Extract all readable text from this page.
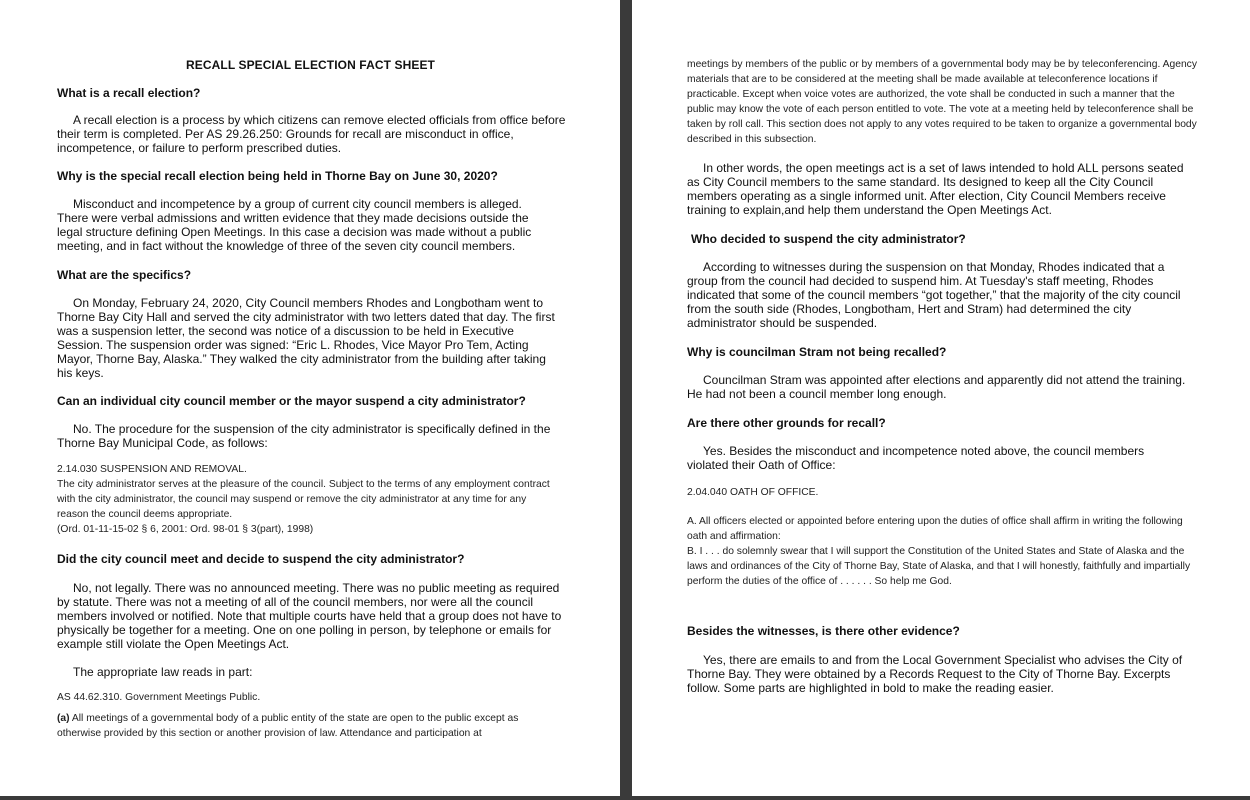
RECALL SPECIAL ELECTION FACT SHEET
What is a recall election?

A recall election is a process by which citizens can remove elected officials from office before their term is completed. Per AS 29.26.250: Grounds for recall are misconduct in office, incompetence, or failure to perform prescribed duties.

Why is the special recall election being held in Thorne Bay on June 30, 2020?

Misconduct and incompetence by a group of current city council members is alleged. There were verbal admissions and written evidence that they made decisions outside the legal structure defining Open Meetings. In this case a decision was made without a public meeting, and in fact without the knowledge of three of the seven city council members.

What are the specifics?

On Monday, February 24, 2020, City Council members Rhodes and Longbotham went to Thorne Bay City Hall and served the city administrator with two letters dated that day. The first was a suspension letter, the second was notice of a discussion to be held in Executive Session. The suspension order was signed: “Eric L. Rhodes, Vice Mayor Pro Tem, Acting Mayor, Thorne Bay, Alaska.” They walked the city administrator from the building after taking his keys.

Can an individual city council member or the mayor suspend a city administrator?

No. The procedure for the suspension of the city administrator is specifically defined in the Thorne Bay Municipal Code, as follows:

2.14.030 SUSPENSION AND REMOVAL.
The city administrator serves at the pleasure of the council. Subject to the terms of any employment contract with the city administrator, the council may suspend or remove the city administrator at any time for any reason the council deems appropriate.
(Ord. 01-11-15-02 § 6, 2001: Ord. 98-01 § 3(part), 1998)
Did the city council meet and decide to suspend the city administrator?

No, not legally. There was no announced meeting. There was no public meeting as required by statute. There was not a meeting of all of the council members, nor were all the council members involved or notified. Note that multiple courts have held that a group does not have to physically be together for a meeting. One on one polling in person, by telephone or emails for example still violate the Open Meetings Act.

The appropriate law reads in part:

AS 44.62.310. Government Meetings Public.
(a) All meetings of a governmental body of a public entity of the state are open to the public except as otherwise provided by this section or another provision of law. Attendance and participation at
meetings by members of the public or by members of a governmental body may be by teleconferencing. Agency materials that are to be considered at the meeting shall be made available at teleconference locations if practicable. Except when voice votes are authorized, the vote shall be conducted in such a manner that the public may know the vote of each person entitled to vote. The vote at a meeting held by teleconference shall be taken by roll call. This section does not apply to any votes required to be taken to organize a governmental body described in this subsection.

In other words, the open meetings act is a set of laws intended to hold ALL persons seated as City Council members to the same standard. Its designed to keep all the City Council members operating as a single informed unit. After election, City Council Members receive training to explain,and help them understand the Open Meetings Act.

Who decided to suspend the city administrator?

According to witnesses during the suspension on that Monday, Rhodes indicated that a group from the council had decided to suspend him. At Tuesday's staff meeting, Rhodes indicated that some of the council members “got together,” that the majority of the city council from the south side (Rhodes, Longbotham, Hert and Stram) had determined the city administrator should be suspended.

Why is councilman Stram not being recalled?

Councilman Stram was appointed after elections and apparently did not attend the training. He had not been a council member long enough.

Are there other grounds for recall?

Yes. Besides the misconduct and incompetence noted above, the council members violated their Oath of Office:

2.04.040 OATH OF OFFICE.
A. All officers elected or appointed before entering upon the duties of office shall affirm in writing the following oath and affirmation:
B. I . . . do solemnly swear that I will support the Constitution of the United States and State of Alaska and the laws and ordinances of the City of Thorne Bay, State of Alaska, and that I will honestly, faithfully and impartially perform the duties of the office of . . . . . . So help me God.
Besides the witnesses, is there other evidence?

Yes, there are emails to and from the Local Government Specialist who advises the City of Thorne Bay. They were obtained by a Records Request to the City of Thorne Bay. Excerpts follow. Some parts are highlighted in bold to make the reading easier.
